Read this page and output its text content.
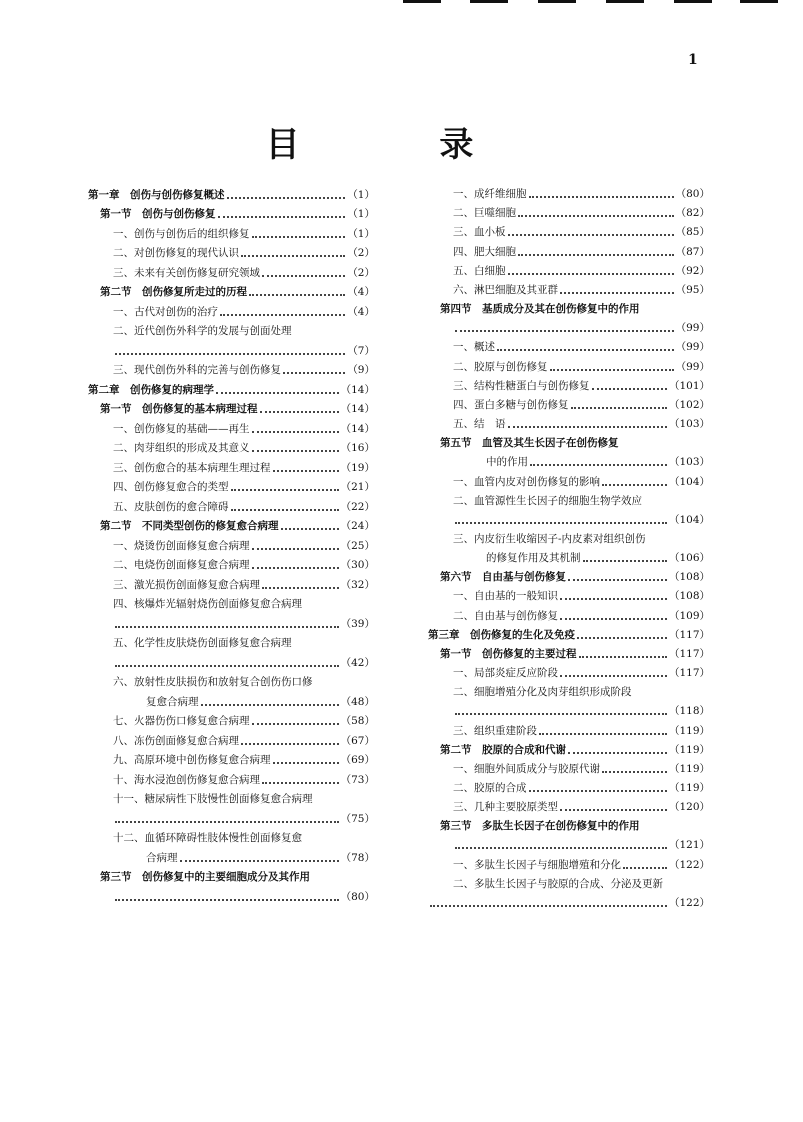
1
目 录
第一章　创伤与创伤修复概述	（1）
第一节　创伤与创伤修复	（1）
一、创伤与创伤后的组织修复	（1）
二、对创伤修复的现代认识	（2）
三、未来有关创伤修复研究领域	（2）
第二节　创伤修复所走过的历程	（4）
一、古代对创伤的治疗	（4）
二、近代创伤外科学的发展与创面处理
（7）
三、现代创伤外科的完善与创伤修复	（9）
第二章　创伤修复的病理学	（14）
第一节　创伤修复的基本病理过程	（14）
一、创伤修复的基础——再生	（14）
二、肉芽组织的形成及其意义	（16）
三、创伤愈合的基本病理生理过程	（19）
四、创伤修复愈合的类型	（21）
五、皮肤创伤的愈合障碍	（22）
第二节　不同类型创伤的修复愈合病理	（24）
一、烧烫伤创面修复愈合病理	（25）
二、电烧伤创面修复愈合病理	（30）
三、激光损伤创面修复愈合病理	（32）
四、核爆炸光辐射烧伤创面修复愈合病理
（39）
五、化学性皮肤烧伤创面修复愈合病理
（42）
六、放射性皮肤损伤和放射复合创伤伤口修
复愈合病理	（48）
七、火器伤伤口修复愈合病理	（58）
八、冻伤创面修复愈合病理	（67）
九、高原环境中创伤修复愈合病理	（69）
十、海水浸泡创伤修复愈合病理	（73）
十一、糖尿病性下肢慢性创面修复愈合病理
（75）
十二、血循环障碍性肢体慢性创面修复愈
合病理	（78）
第三节　创伤修复中的主要细胞成分及其作用
（80）
一、成纤维细胞	（80）
二、巨噬细胞	（82）
三、血小板	（85）
四、肥大细胞	（87）
五、白细胞	（92）
六、淋巴细胞及其亚群	（95）
第四节　基质成分及其在创伤修复中的作用
（99）
一、概述	（99）
二、胶原与创伤修复	（99）
三、结构性糖蛋白与创伤修复	（101）
四、蛋白多糖与创伤修复	（102）
五、结　语	（103）
第五节　血管及其生长因子在创伤修复
中的作用	（103）
一、血管内皮对创伤修复的影响	（104）
二、血管源性生长因子的细胞生物学效应
（104）
三、内皮衍生收缩因子-内皮素对组织创伤
的修复作用及其机制	（106）
第六节　自由基与创伤修复	（108）
一、自由基的一般知识	（108）
二、自由基与创伤修复	（109）
第三章　创伤修复的生化及免疫	（117）
第一节　创伤修复的主要过程	（117）
一、局部炎症反应阶段	（117）
二、细胞增殖分化及肉芽组织形成阶段
（118）
三、组织重建阶段	（119）
第二节　胶原的合成和代谢	（119）
一、细胞外间质成分与胶原代谢	（119）
二、胶原的合成	（119）
三、几种主要胶原类型	（120）
第三节　多肽生长因子在创伤修复中的作用
（121）
一、多肽生长因子与细胞增殖和分化	（122）
二、多肽生长因子与胶原的合成、分泌及更新
（122）
